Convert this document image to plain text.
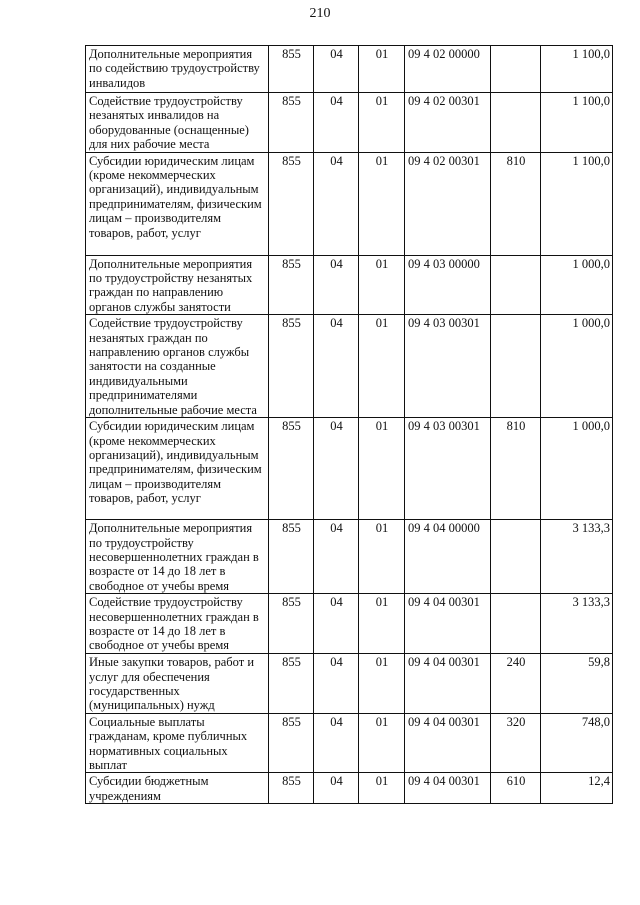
210
Дополнительные мероприятия по содействию трудоустройству инвалидов	855	04	01	09 4 02 00000		1 100,0
Содействие трудоустройству незанятых инвалидов на оборудованные (оснащенные) для них рабочие места	855	04	01	09 4 02 00301		1 100,0
Субсидии юридическим лицам (кроме некоммерческих организаций), индивидуальным предпринимателям, физическим лицам – производителям товаров, работ, услуг	855	04	01	09 4 02 00301	810	1 100,0
Дополнительные мероприятия по трудоустройству незанятых граждан по направлению органов службы занятости	855	04	01	09 4 03 00000		1 000,0
Содействие трудоустройству незанятых граждан по направлению органов службы занятости на созданные индивидуальными предпринимателями дополнительные рабочие места	855	04	01	09 4 03 00301		1 000,0
Субсидии юридическим лицам (кроме некоммерческих организаций), индивидуальным предпринимателям, физическим лицам – производителям товаров, работ, услуг	855	04	01	09 4 03 00301	810	1 000,0
Дополнительные мероприятия по трудоустройству несовершеннолетних граждан в возрасте от 14 до 18 лет в свободное от учебы время	855	04	01	09 4 04 00000		3 133,3
Содействие трудоустройству несовершеннолетних граждан в возрасте от 14 до 18 лет в свободное от учебы время	855	04	01	09 4 04 00301		3 133,3
Иные закупки товаров, работ и услуг для обеспечения государственных (муниципальных) нужд	855	04	01	09 4 04 00301	240	59,8
Социальные выплаты гражданам, кроме публичных нормативных социальных выплат	855	04	01	09 4 04 00301	320	748,0
Субсидии бюджетным учреждениям	855	04	01	09 4 04 00301	610	12,4
